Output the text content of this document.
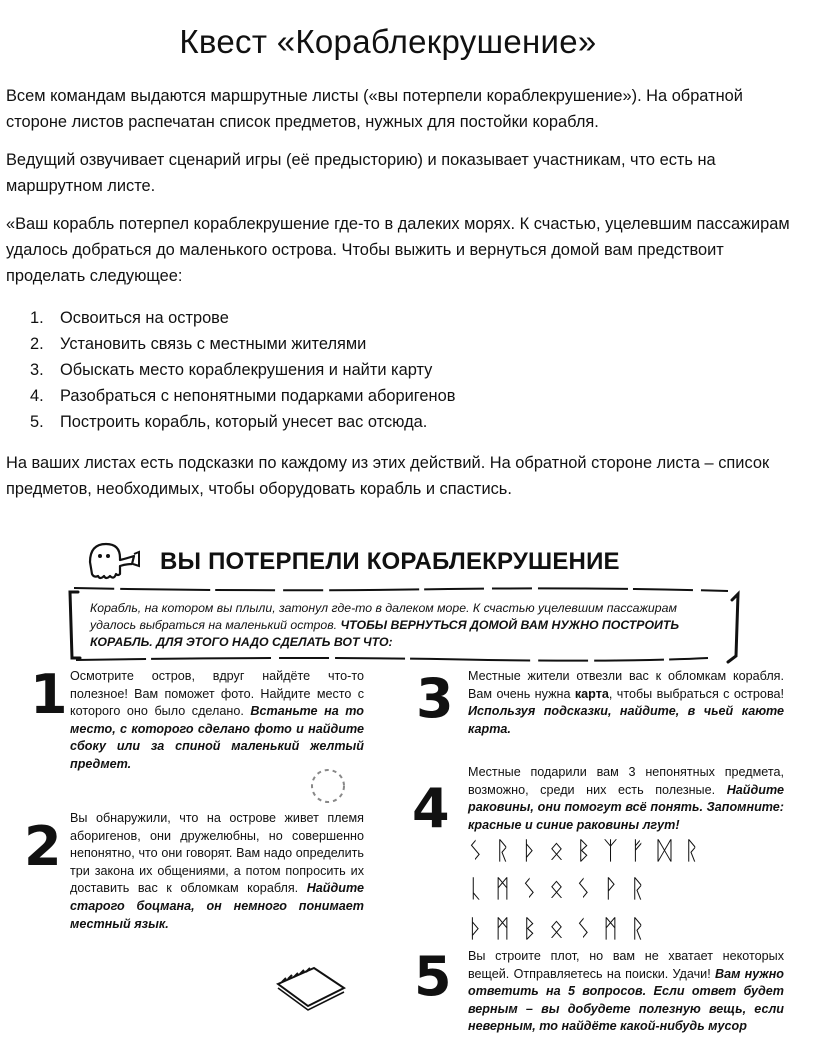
Квест «Кораблекрушение»

Всем командам выдаются маршрутные листы («вы потерпели кораблекрушение»). На обратной стороне листов распечатан список предметов, нужных для постойки корабля.

Ведущий озвучивает сценарий игры (её предысторию) и показывает участникам, что есть на маршрутном листе.

«Ваш корабль потерпел кораблекрушение где-то в далеких морях. К счастью, уцелевшим пассажирам удалось добраться до маленького острова. Чтобы выжить и вернуться домой вам предствоит проделать следующее:

1. Освоиться на острове
2. Установить связь с местными жителями
3. Обыскать место кораблекрушения и найти карту
4. Разобраться с непонятными подарками аборигенов
5. Построить корабль, который унесет вас отсюда.

На ваших листах есть подсказки по каждому из этих действий. На обратной стороне листа – список предметов, необходимых, чтобы оборудовать корабль и спастись.

ВЫ ПОТЕРПЕЛИ КОРАБЛЕКРУШЕНИЕ
Корабль, на котором вы плыли, затонул где-то в далеком море. К счастью уцелевшим пассажирам удалось выбраться на маленький остров. ЧТОБЫ ВЕРНУТЬСЯ ДОМОЙ ВАМ НУЖНО ПОСТРОИТЬ КОРАБЛЬ. ДЛЯ ЭТОГО НАДО СДЕЛАТЬ ВОТ ЧТО:
1 Осмотрите остров, вдруг найдёте что-то полезное! Вам поможет фото. Найдите место с которого оно было сделано. Встаньте на то место, с которого сделано фото и найдите сбоку или за спиной маленький желтый предмет.
2 Вы обнаружили, что на острове живет племя аборигенов, они дружелюбны, но совершенно непонятно, что они говорят. Вам надо определить три закона их общениями, а потом попросить их доставить вас к обломкам корабля. Найдите старого боцмана, он немного понимает местный язык.
3 Местные жители отвезли вас к обломкам корабля. Вам очень нужна карта, чтобы выбраться с острова! Используя подсказки, найдите, в чьей каюте карта.
4
Местные подарили вам 3 непонятных предмета, возможно, среди них есть полезные. Найдите раковины, они помогут всё понять. Запомните: красные и синие раковины лгут!
ᛊᚱᚦᛟᛒᛉᚠᛞᚱ
ᚳᛗᛊᛟᛊᚹᚱ
ᚦᛗᛒᛟᛊᛗᚱ
5 Вы строите плот, но вам не хватает некоторых вещей. Отправляетесь на поиски. Удачи! Вам нужно ответить на 5 вопросов. Если ответ будет верным – вы добудете полезную вещь, если неверным, то найдёте какой-нибудь мусор
